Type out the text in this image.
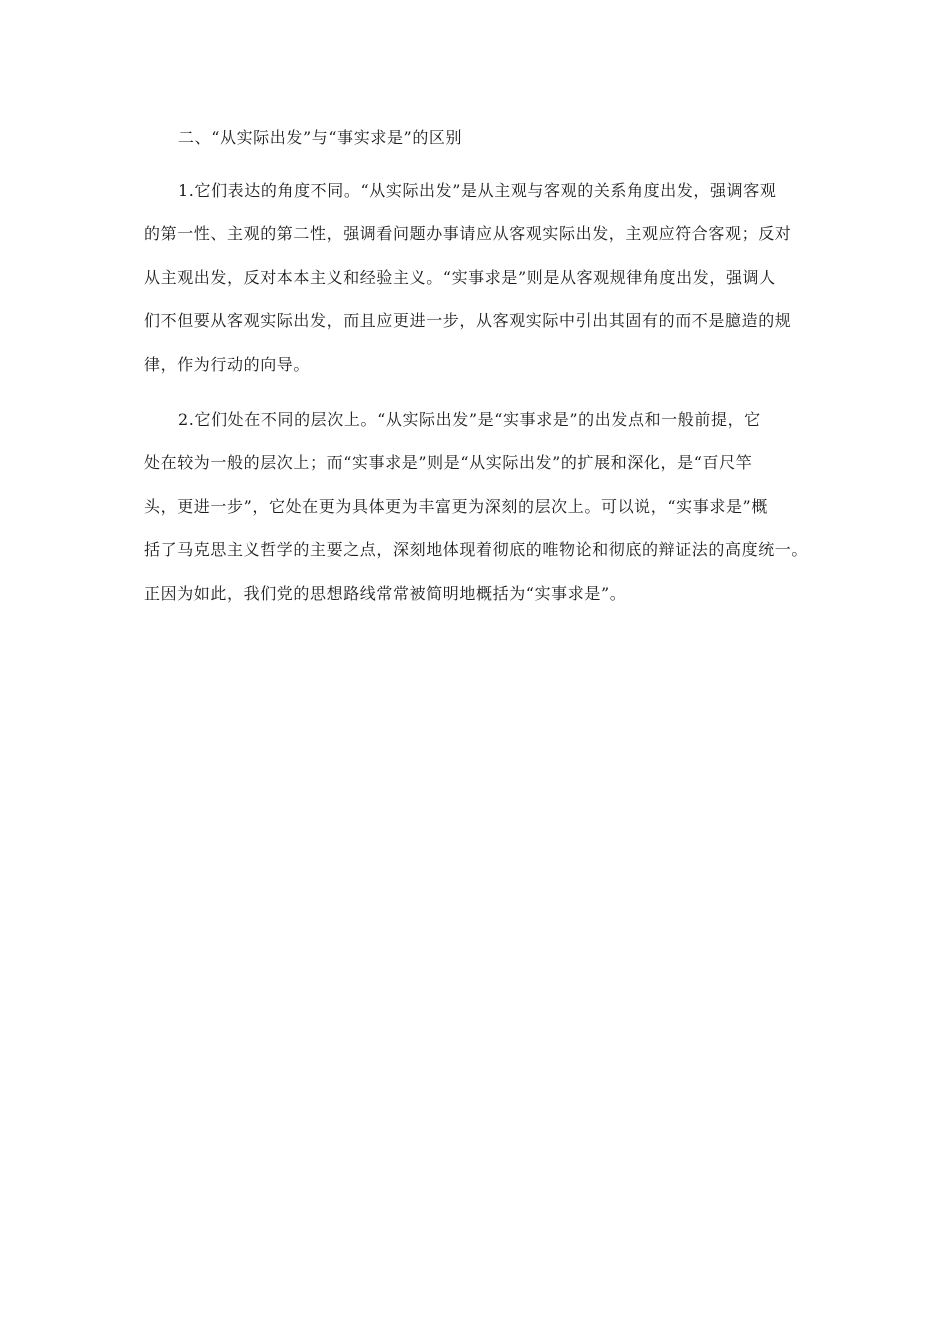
二、“从实际出发”与“事实求是”的区别

1.它们表达的角度不同。“从实际出发”是从主观与客观的关系角度出发，强调客观
的第一性、主观的第二性，强调看问题办事请应从客观实际出发，主观应符合客观；反对
从主观出发，反对本本主义和经验主义。“实事求是”则是从客观规律角度出发，强调人
们不但要从客观实际出发，而且应更进一步，从客观实际中引出其固有的而不是臆造的规
律，作为行动的向导。

2.它们处在不同的层次上。“从实际出发”是“实事求是”的出发点和一般前提，它
处在较为一般的层次上；而“实事求是”则是“从实际出发”的扩展和深化，是“百尺竿
头，更进一步”，它处在更为具体更为丰富更为深刻的层次上。可以说，“实事求是”概
括了马克思主义哲学的主要之点，深刻地体现着彻底的唯物论和彻底的辩证法的高度统一。
正因为如此，我们党的思想路线常常被简明地概括为“实事求是”。
